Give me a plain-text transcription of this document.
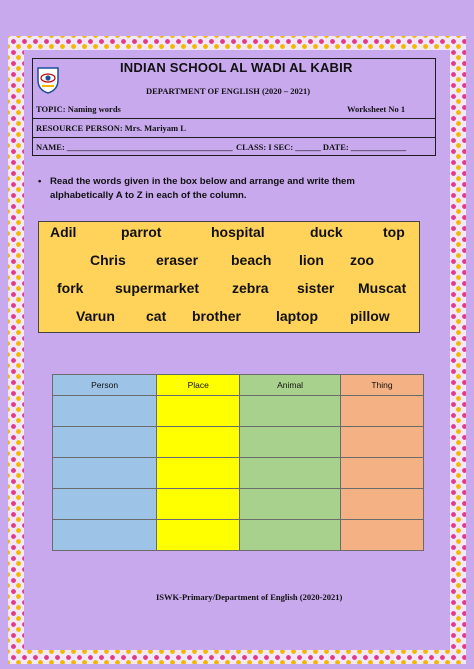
INDIAN SCHOOL AL WADI AL KABIR
DEPARTMENT OF ENGLISH (2020 – 2021)
TOPIC: Naming words	Worksheet No 1
RESOURCE PERSON: Mrs. Mariyam L
NAME: _______________________________________ CLASS: I SEC: ______ DATE: _____________
• Read the words given in the box below and arrange and write them alphabetically A to Z in each of the column.
Adil	parrot	hospital	duck	top
Chris eraser beach lion zoo
fork supermarket zebra sister Muscat
Varun cat brother	laptop pillow
Person	Place	Animal	Thing

ISWK-Primary/Department of English (2020-2021)
